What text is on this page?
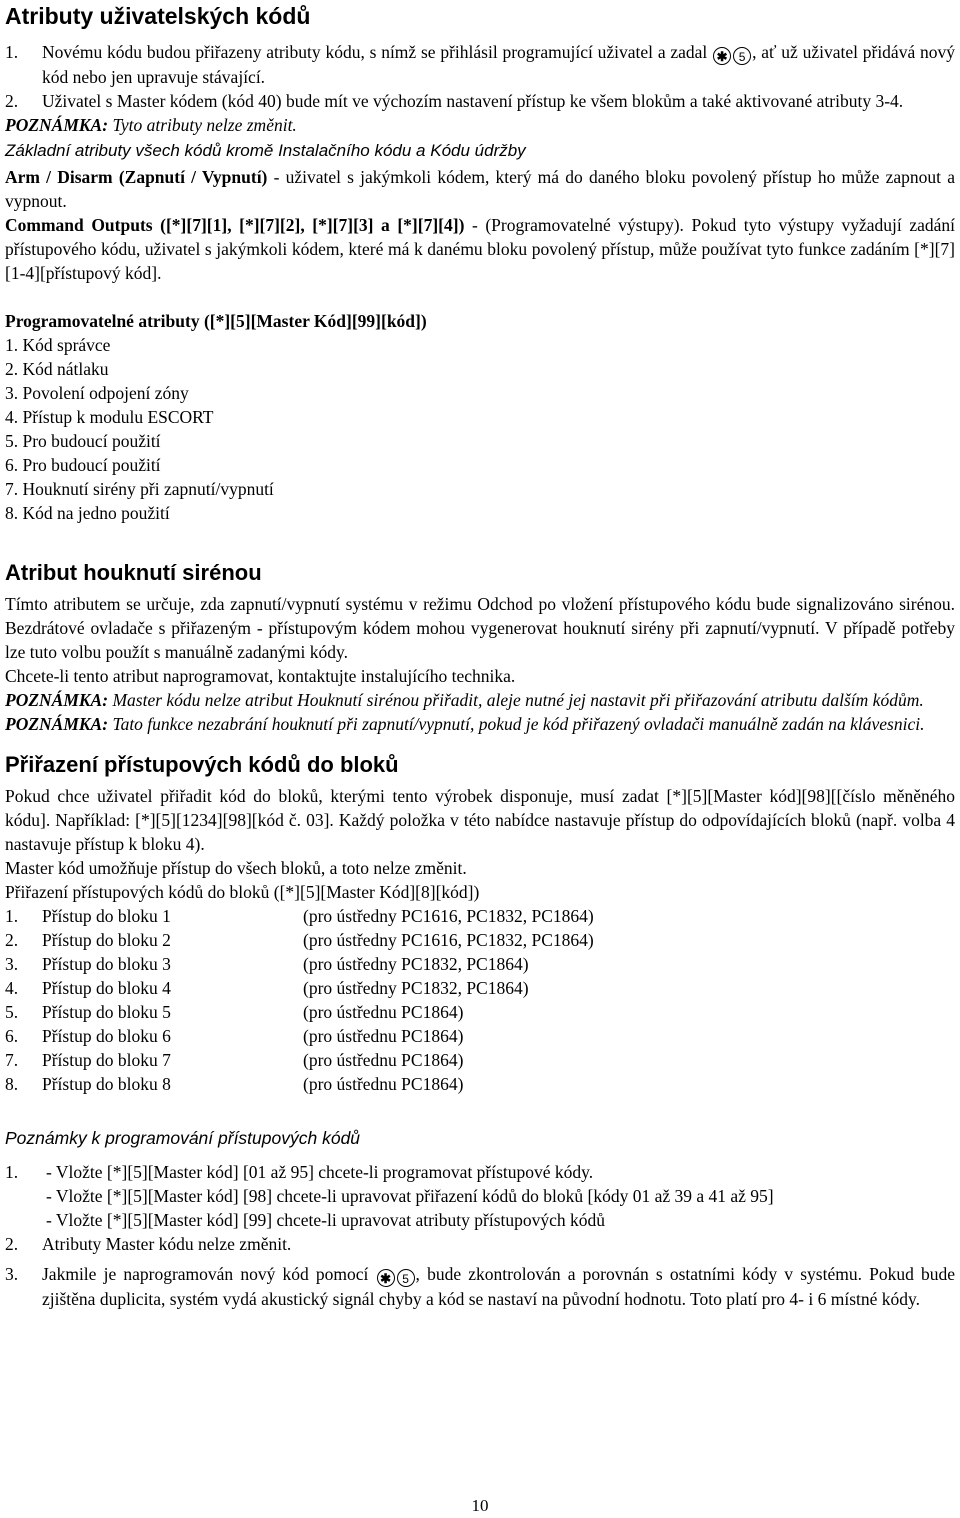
Atributy uživatelských kódů
1.	Novému kódu budou přiřazeny atributy kódu, s nímž se přihlásil programující uživatel a zadal ✱ 5 , ať už uživatel přidává nový kód nebo jen upravuje stávající.
2.	Uživatel s Master kódem (kód 40) bude mít ve výchozím nastavení přístup ke všem blokům a také aktivované atributy 3-4.

POZNÁMKA: Tyto atributy nelze změnit.

Základní atributy všech kódů kromě Instalačního kódu a Kódu údržby

Arm / Disarm (Zapnutí / Vypnutí) - uživatel s jakýmkoli kódem, který má do daného bloku povolený přístup ho může zapnout a vypnout.

Command Outputs ([*][7][1], [*][7][2], [*][7][3] a [*][7][4]) - (Programovatelné výstupy). Pokud tyto výstupy vyžadují zadání přístupového kódu, uživatel s jakýmkoli kódem, které má k danému bloku povolený přístup, může používat tyto funkce zadáním [*][7][1-4][přístupový kód].

Programovatelné atributy ([*][5][Master Kód][99][kód])

1. Kód správce
2. Kód nátlaku
3. Povolení odpojení zóny
4. Přístup k modulu ESCORT
5. Pro budoucí použití
6. Pro budoucí použití
7. Houknutí sirény při zapnutí/vypnutí
8. Kód na jedno použití
Atribut houknutí sirénou

Tímto atributem se určuje, zda zapnutí/vypnutí systému v režimu Odchod po vložení přístupového kódu bude signalizováno sirénou. Bezdrátové ovladače s přiřazeným - přístupovým kódem mohou vygenerovat houknutí sirény při zapnutí/vypnutí. V případě potřeby lze tuto volbu použít s manuálně zadanými kódy.

Chcete-li tento atribut naprogramovat, kontaktujte instalujícího technika.

POZNÁMKA: Master kódu nelze atribut Houknutí sirénou přiřadit, aleje nutné jej nastavit při přiřazování atributu dalším kódům.

POZNÁMKA: Tato funkce nezabrání houknutí při zapnutí/vypnutí, pokud je kód přiřazený ovladači manuálně zadán na klávesnici.

Přiřazení přístupových kódů do bloků

Pokud chce uživatel přiřadit kód do bloků, kterými tento výrobek disponuje, musí zadat [*][5][Master kód][98][[číslo měněného kódu]. Například: [*][5][1234][98][kód č. 03]. Každý položka v této nabídce nastavuje přístup do odpovídajících bloků (např. volba 4 nastavuje přístup k bloku 4).

Master kód umožňuje přístup do všech bloků, a toto nelze změnit.

Přiřazení přístupových kódů do bloků ([*][5][Master Kód][8][kód])

1.	Přístup do bloku 1	(pro ústředny PC1616, PC1832, PC1864)
2.	Přístup do bloku 2	(pro ústředny PC1616, PC1832, PC1864)
3.	Přístup do bloku 3	(pro ústředny PC1832, PC1864)
4.	Přístup do bloku 4	(pro ústředny PC1832, PC1864)
5.	Přístup do bloku 5	(pro ústřednu PC1864)
6.	Přístup do bloku 6	(pro ústřednu PC1864)
7.	Přístup do bloku 7	(pro ústřednu PC1864)
8.	Přístup do bloku 8	(pro ústřednu PC1864)
Poznámky k programování přístupových kódů
1.	- Vložte [*][5][Master kód] [01 až 95] chcete-li programovat přístupové kódy.
- Vložte [*][5][Master kód] [98] chcete-li upravovat přiřazení kódů do bloků [kódy 01 až 39 a 41 až 95]
- Vložte [*][5][Master kód] [99] chcete-li upravovat atributy přístupových kódů
2.	Atributy Master kódu nelze změnit.
3.	Jakmile je naprogramován nový kód pomocí ✱ 5 , bude zkontrolován a porovnán s ostatními kódy v systému. Pokud bude zjištěna duplicita, systém vydá akustický signál chyby a kód se nastaví na původní hodnotu. Toto platí pro 4- i 6 místné kódy.
10
